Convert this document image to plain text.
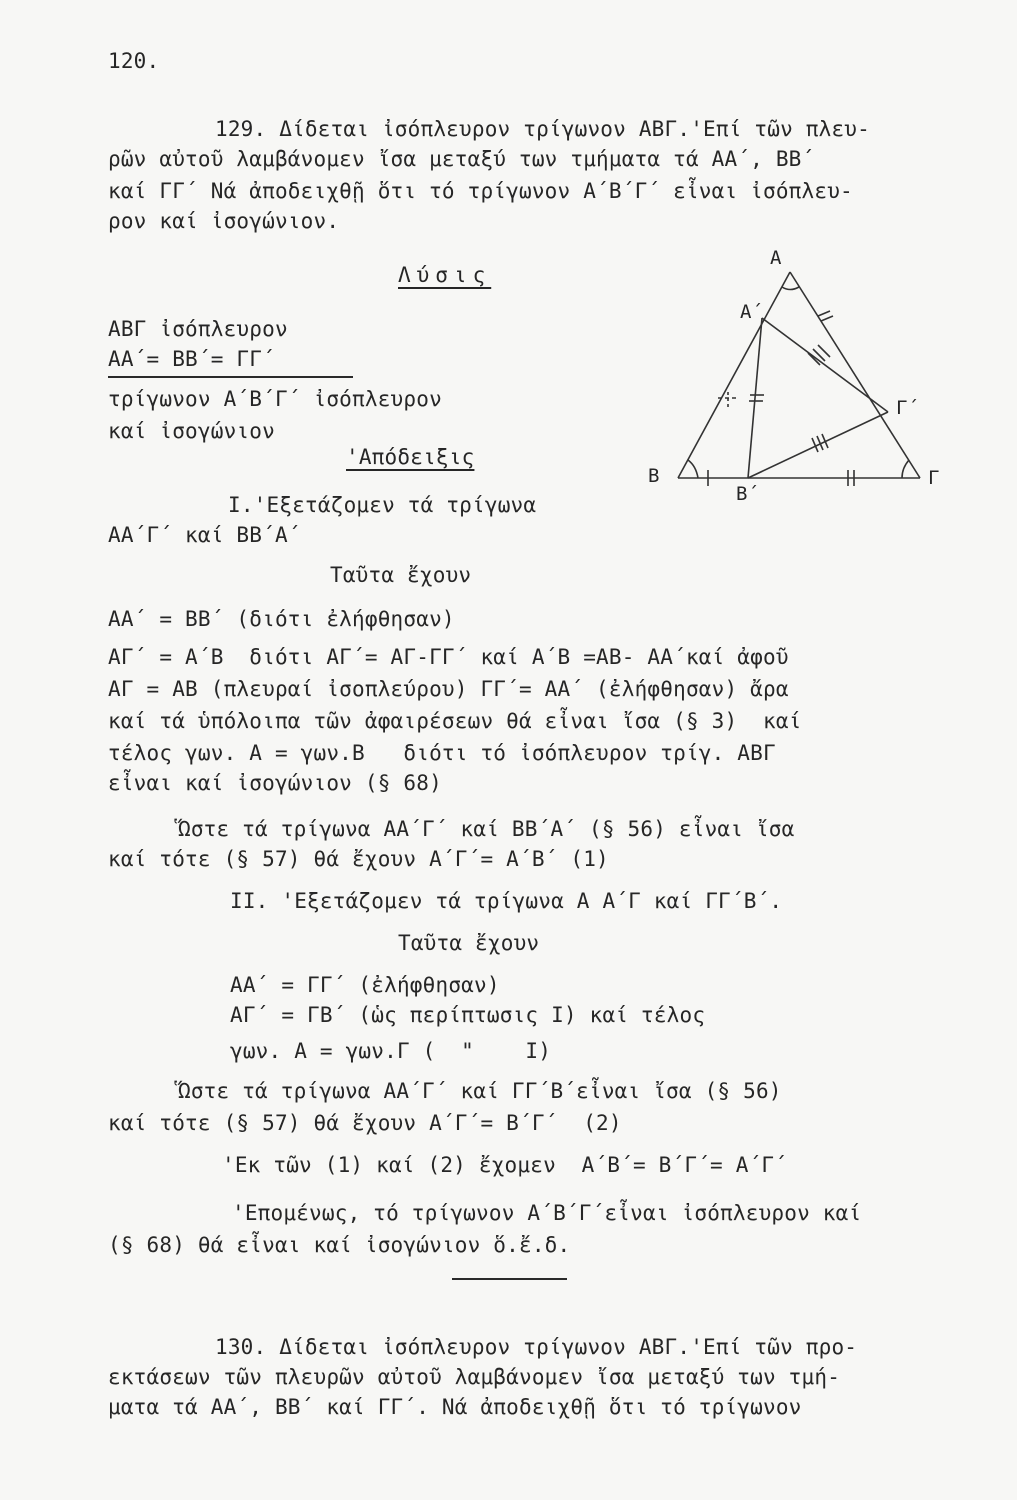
120.
129. Δίδεται ἰσόπλευρον τρίγωνον ΑΒΓ.'Επί τῶν πλευ-
ρῶν αὐτοῦ λαμβάνομεν ἴσα μεταξύ των τμήματα τά ΑΑ΄, ΒΒ΄
καί ΓΓ΄ Νά ἀποδειχθῇ ὅτι τό τρίγωνον Α΄Β΄Γ΄ εἶναι ἰσόπλευ-
ρον καί ἰσογώνιον.
Λύσις
ΑΒΓ ἰσόπλευρον
ΑΑ΄= ΒΒ΄= ΓΓ΄
τρίγωνον Α΄Β΄Γ΄ ἰσόπλευρον
καί ἰσογώνιον
'Απόδειξις
Ι.'Εξετάζομεν τά τρίγωνα
ΑΑ΄Γ΄ καί ΒΒ΄Α΄
Ταῦτα ἔχουν
ΑΑ΄ = ΒΒ΄ (διότι ἐλήφθησαν)
ΑΓ΄ = Α΄Β  διότι ΑΓ΄= ΑΓ-ΓΓ΄ καί Α΄Β =ΑΒ- ΑΑ΄καί ἀφοῦ
ΑΓ = ΑΒ (πλευραί ἰσοπλεύρου) ΓΓ΄= ΑΑ΄ (ἐλήφθησαν) ἄρα
καί τά ὑπόλοιπα τῶν ἀφαιρέσεων θά εἶναι ἴσα (§ 3)  καί
τέλος γων. Α = γων.Β   διότι τό ἰσόπλευρον τρίγ. ΑΒΓ
εἶναι καί ἰσογώνιον (§ 68)
Ὥστε τά τρίγωνα ΑΑ΄Γ΄ καί ΒΒ΄Α΄ (§ 56) εἶναι ἴσα
καί τότε (§ 57) θά ἔχουν Α΄Γ΄= Α΄Β΄ (1)
ΙΙ. 'Εξετάζομεν τά τρίγωνα Α Α΄Γ καί ΓΓ΄Β΄.
Ταῦτα ἔχουν
ΑΑ΄ = ΓΓ΄ (ἐλήφθησαν)
ΑΓ΄ = ΓΒ΄ (ὡς περίπτωσις Ι) καί τέλος
γων. Α = γων.Γ (  "    Ι)
Ὥστε τά τρίγωνα ΑΑ΄Γ΄ καί ΓΓ΄Β΄εἶναι ἴσα (§ 56)
καί τότε (§ 57) θά ἔχουν Α΄Γ΄= Β΄Γ΄  (2)
'Εκ τῶν (1) καί (2) ἔχομεν  Α΄Β΄= Β΄Γ΄= Α΄Γ΄
'Επομένως, τό τρίγωνον Α΄Β΄Γ΄εἶναι ἰσόπλευρον καί
(§ 68) θά εἶναι καί ἰσογώνιον ὅ.ἔ.δ.
130. Δίδεται ἰσόπλευρον τρίγωνον ΑΒΓ.'Επί τῶν προ-
εκτάσεων τῶν πλευρῶν αὐτοῦ λαμβάνομεν ἴσα μεταξύ των τμή-
ματα τά ΑΑ΄, ΒΒ΄ καί ΓΓ΄. Νά ἀποδειχθῇ ὅτι τό τρίγωνον
Α
Α΄
Γ΄
Β
Β΄
Γ
